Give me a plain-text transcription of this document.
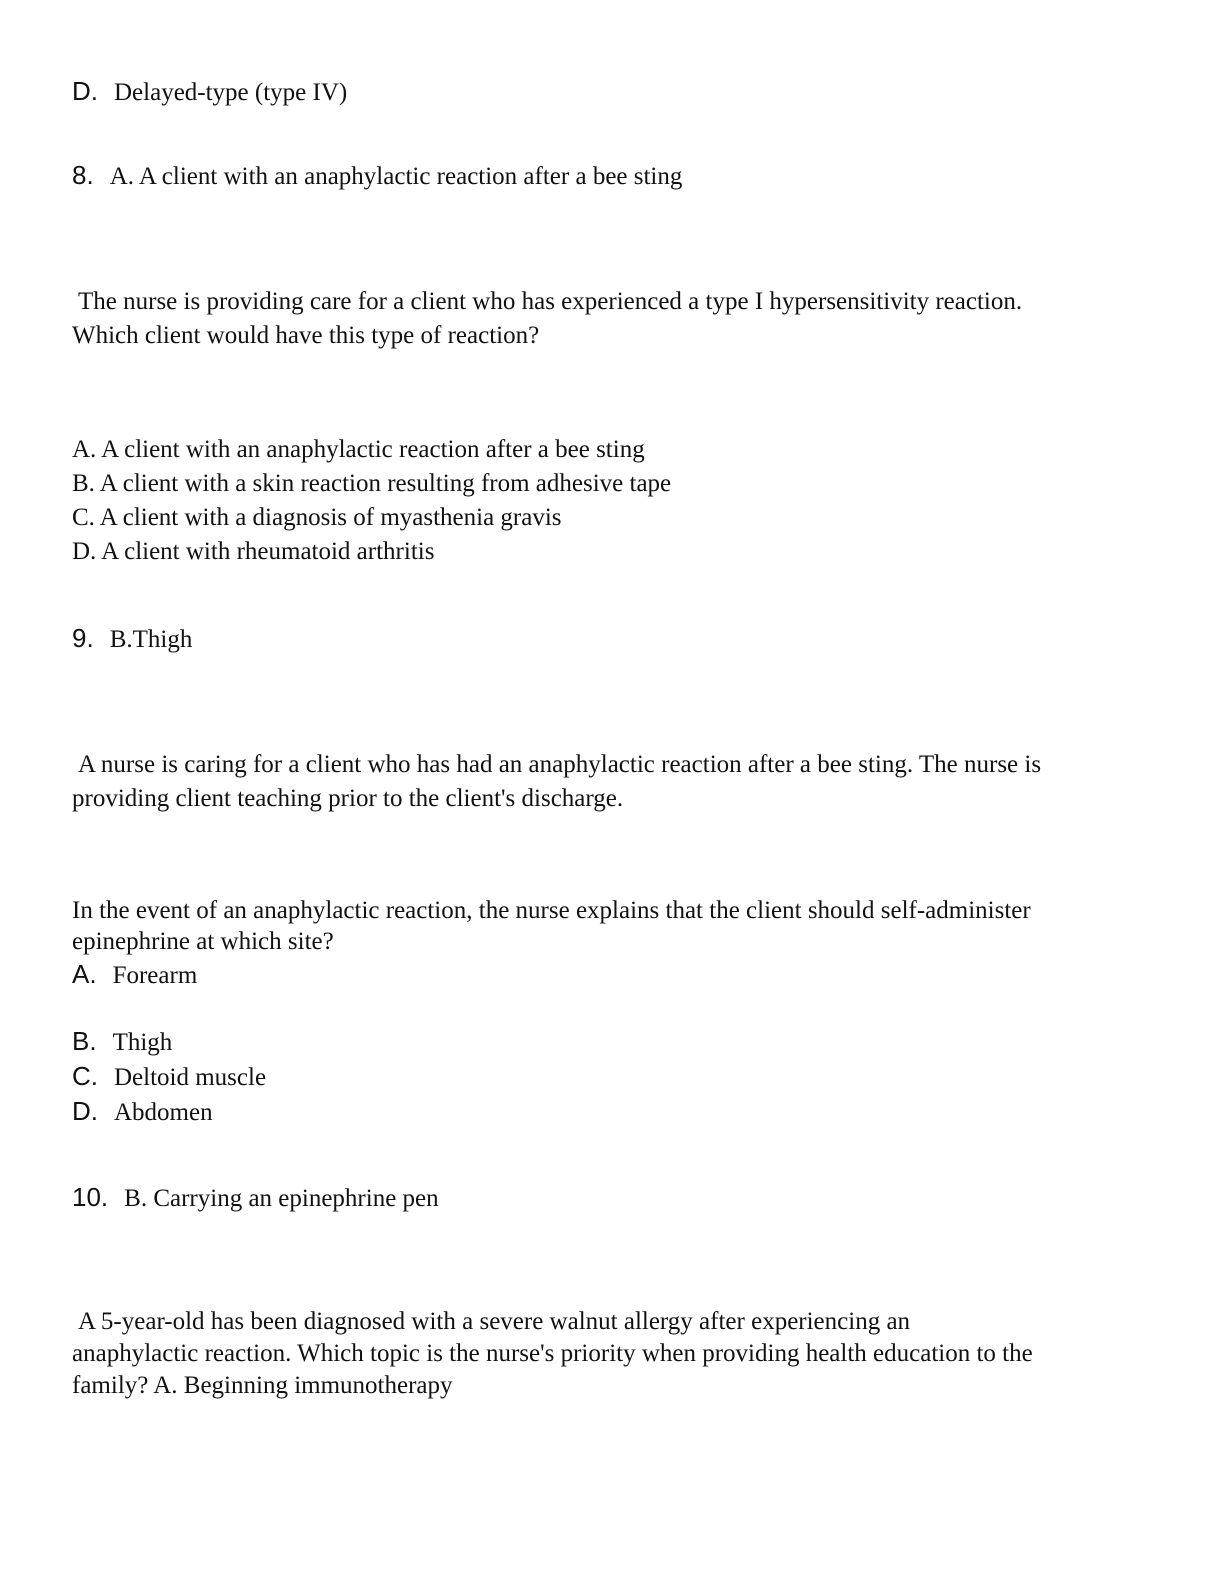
D. Delayed-type (type IV)
8. A. A client with an anaphylactic reaction after a bee sting

The nurse is providing care for a client who has experienced a type I hypersensitivity reaction.

Which client would have this type of reaction?

A. A client with an anaphylactic reaction after a bee sting

B. A client with a skin reaction resulting from adhesive tape

C. A client with a diagnosis of myasthenia gravis

D. A client with rheumatoid arthritis

9. B.Thigh

A nurse is caring for a client who has had an anaphylactic reaction after a bee sting. The nurse is

providing client teaching prior to the client's discharge.

In the event of an anaphylactic reaction, the nurse explains that the client should self-administer

epinephrine at which site?

A. Forearm
B. Thigh
C. Deltoid muscle
D. Abdomen
10. B. Carrying an epinephrine pen

A 5-year-old has been diagnosed with a severe walnut allergy after experiencing an

anaphylactic reaction. Which topic is the nurse's priority when providing health education to the

family? A. Beginning immunotherapy
